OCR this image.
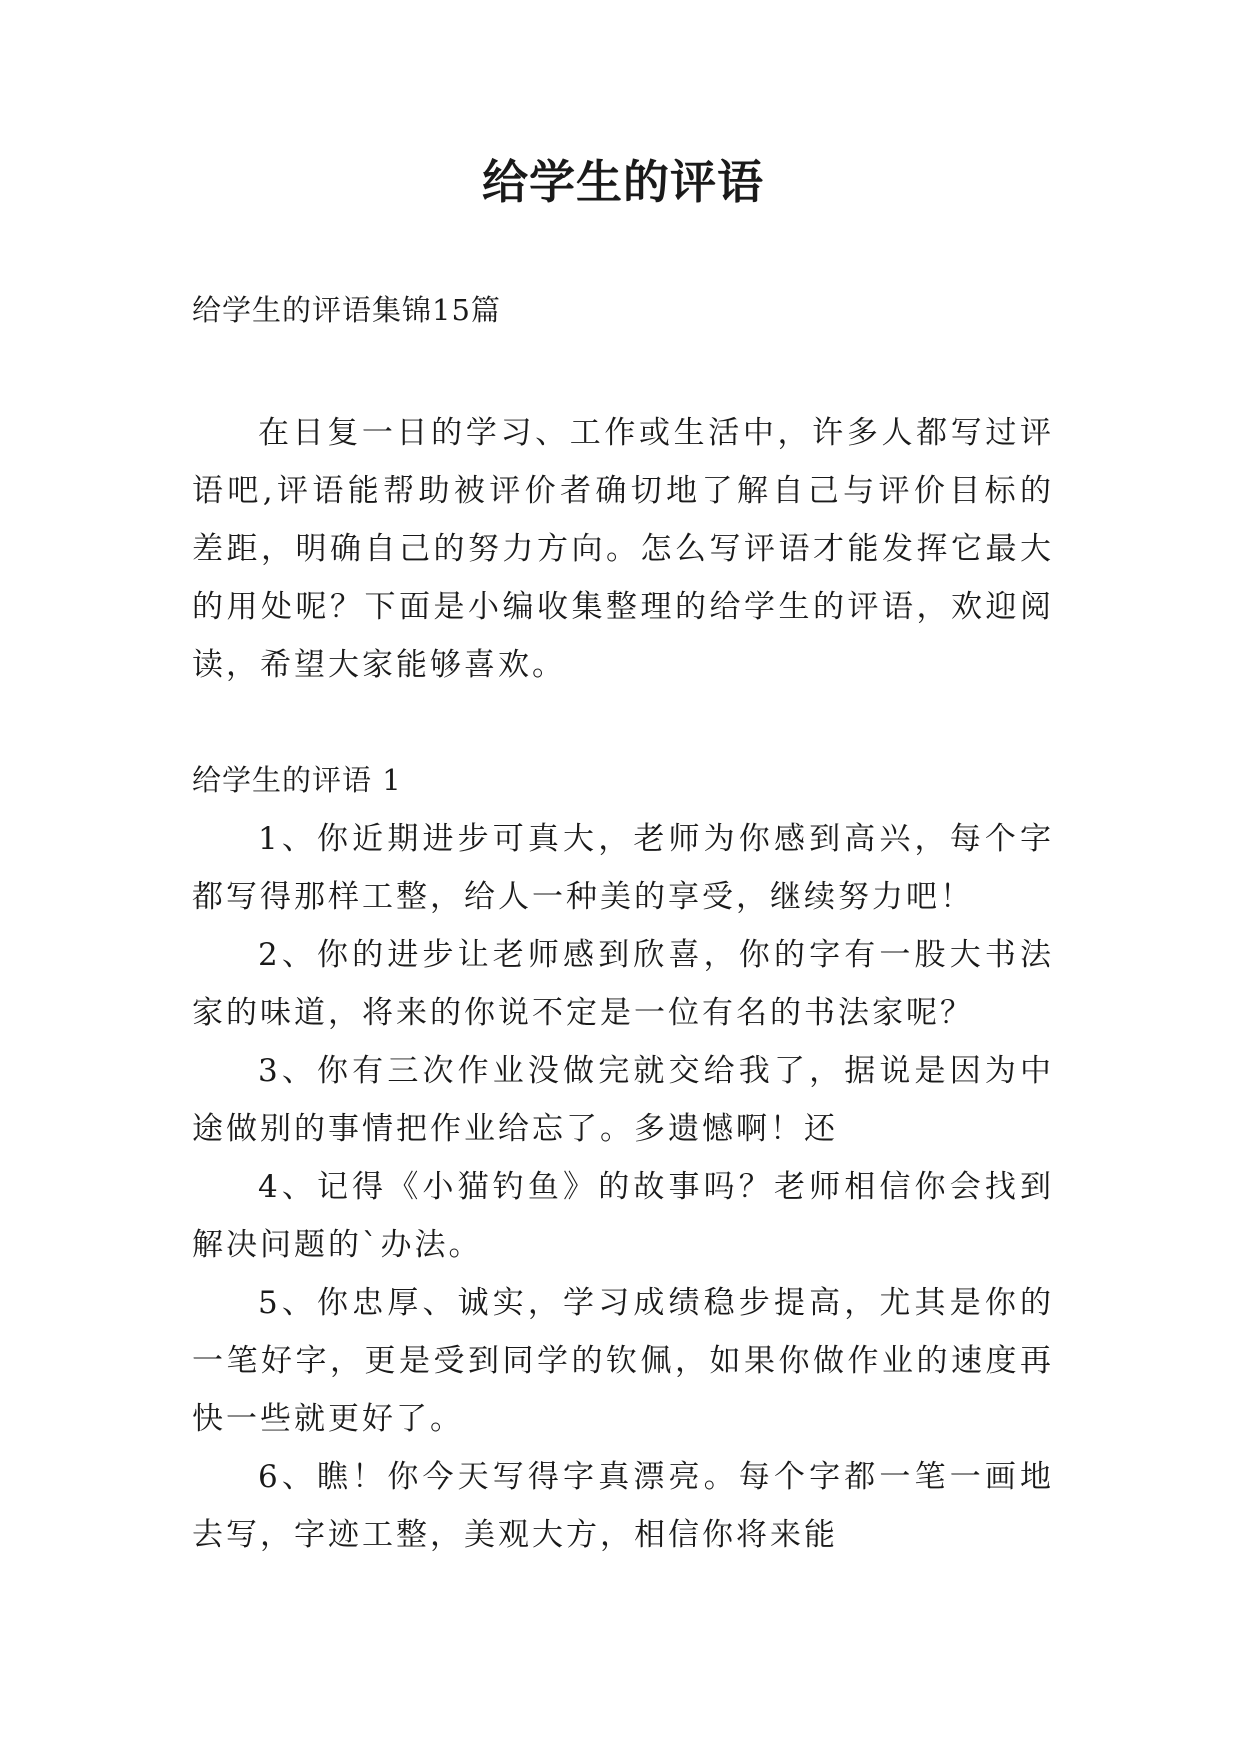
给学生的评语

给学生的评语集锦15篇

在日复一日的学习、工作或生活中，许多人都写过评语吧,评语能帮助被评价者确切地了解自己与评价目标的差距，明确自己的努力方向。怎么写评语才能发挥它最大的用处呢？下面是小编收集整理的给学生的评语，欢迎阅读，希望大家能够喜欢。

给学生的评语 1

1、你近期进步可真大，老师为你感到高兴，每个字都写得那样工整，给人一种美的享受，继续努力吧！

2、你的进步让老师感到欣喜，你的字有一股大书法家的味道，将来的你说不定是一位有名的书法家呢？

3、你有三次作业没做完就交给我了，据说是因为中途做别的事情把作业给忘了。多遗憾啊！还

4、记得《小猫钓鱼》的故事吗？老师相信你会找到解决问题的`办法。

5、你忠厚、诚实，学习成绩稳步提高，尤其是你的一笔好字，更是受到同学的钦佩，如果你做作业的速度再快一些就更好了。

6、瞧！你今天写得字真漂亮。每个字都一笔一画地去写，字迹工整，美观大方，相信你将来能
